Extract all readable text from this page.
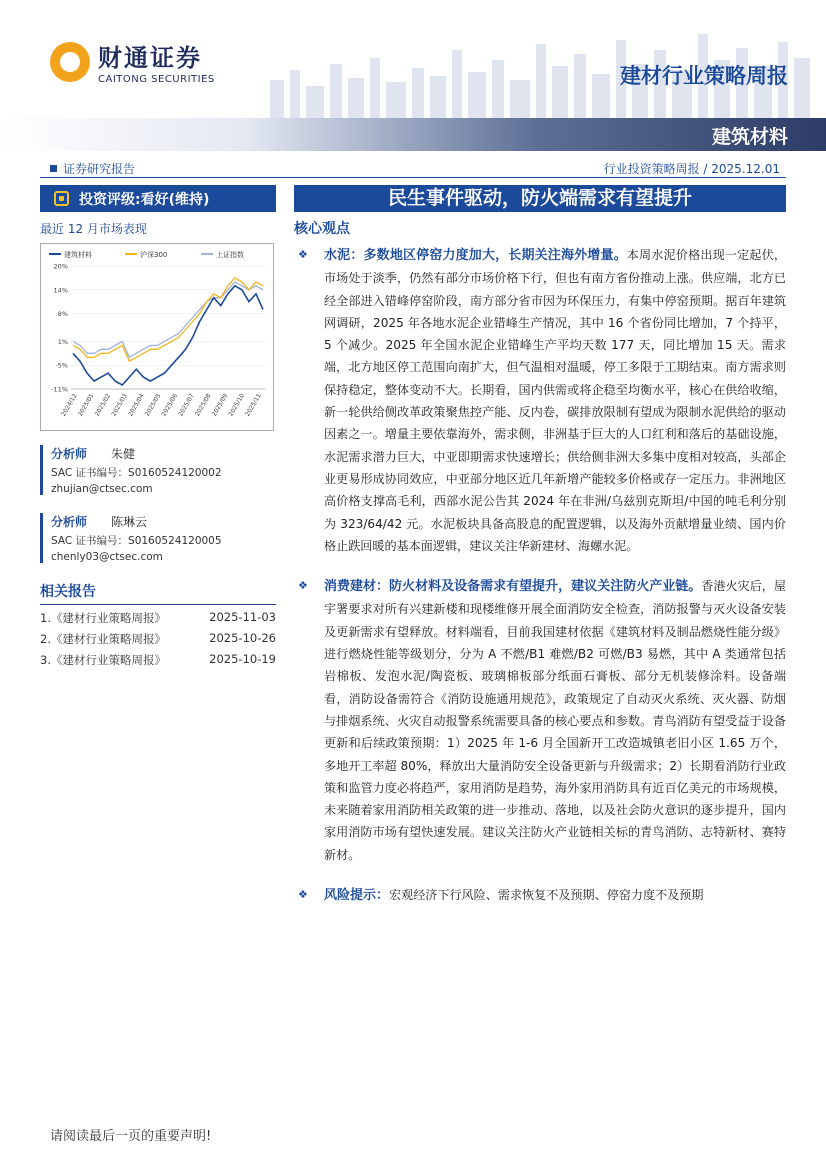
财通证券
CAITONG SECURITIES	建材行业策略周报
建筑材料
证券研究报告	行业投资策略周报 / 2025.12.01
投资评级:看好(维持)
最近 12 月市场表现
建筑材料	沪深300	上证指数
20%
14%
8%
1%
-5%
-11%
2024/12
2025/01
2025/02
2025/03
2025/04
2025/05
2025/06
2025/07
2025/08
2025/09
2025/10
2025/11
分析师 朱健
SAC 证书编号：S0160524120002
zhujian@ctsec.com
分析师 陈琳云
SAC 证书编号：S0160524120005
chenly03@ctsec.com
相关报告
1.《建材行业策略周报》	2025-11-03
2.《建材行业策略周报》	2025-10-26
3.《建材行业策略周报》	2025-10-19
民生事件驱动，防火端需求有望提升
核心观点
❖ 水泥：多数地区停窑力度加大，长期关注海外增量。本周水泥价格出现一定起伏，市场处于淡季，仍然有部分市场价格下行，但也有南方省份推动上涨。供应端，北方已经全部进入错峰停窑阶段，南方部分省市因为环保压力，有集中停窑预期。据百年建筑网调研，2025 年各地水泥企业错峰生产情况，其中 16 个省份同比增加，7 个持平，5 个减少。2025 年全国水泥企业错峰生产平均天数 177 天，同比增加 15 天。需求端，北方地区停工范围向南扩大，但气温相对温暖，停工多限于工期结束。南方需求则保持稳定，整体变动不大。长期看，国内供需或将企稳至均衡水平，核心在供给收缩，新一轮供给侧改革政策聚焦控产能、反内卷，碳排放限制有望成为限制水泥供给的驱动因素之一。增量主要依靠海外，需求侧，非洲基于巨大的人口红利和落后的基础设施，水泥需求潜力巨大，中亚即期需求快速增长；供给侧非洲大多集中度相对较高，头部企业更易形成协同效应，中亚部分地区近几年新增产能较多价格或存一定压力。非洲地区高价格支撑高毛利，西部水泥公告其 2024 年在非洲/乌兹别克斯坦/中国的吨毛利分别为 323/64/42 元。水泥板块具备高股息的配置逻辑，以及海外贡献增量业绩、国内价格止跌回暖的基本面逻辑，建议关注华新建材、海螺水泥。
❖ 消费建材：防火材料及设备需求有望提升，建议关注防火产业链。香港火灾后，屋宇署要求对所有兴建新楼和现楼维修开展全面消防安全检查，消防报警与灭火设备安装及更新需求有望释放。材料端看，目前我国建材依据《建筑材料及制品燃烧性能分级》进行燃烧性能等级划分，分为 A 不燃/B1 难燃/B2 可燃/B3 易燃，其中 A 类通常包括岩棉板、发泡水泥/陶瓷板、玻璃棉板部分纸面石膏板、部分无机装修涂料。设备端看，消防设备需符合《消防设施通用规范》，政策规定了自动灭火系统、灭火器、防烟与排烟系统、火灾自动报警系统需要具备的核心要点和参数。青鸟消防有望受益于设备更新和后续政策预期：1）2025 年 1-6 月全国新开工改造城镇老旧小区 1.65 万个，多地开工率超 80%，释放出大量消防安全设备更新与升级需求；2）长期看消防行业政策和监管力度必将趋严，家用消防是趋势，海外家用消防具有近百亿美元的市场规模，未来随着家用消防相关政策的进一步推动、落地，以及社会防火意识的逐步提升，国内家用消防市场有望快速发展。建议关注防火产业链相关标的青鸟消防、志特新材、赛特新材。
❖ 风险提示：宏观经济下行风险、需求恢复不及预期、停窑力度不及预期
请阅读最后一页的重要声明!
